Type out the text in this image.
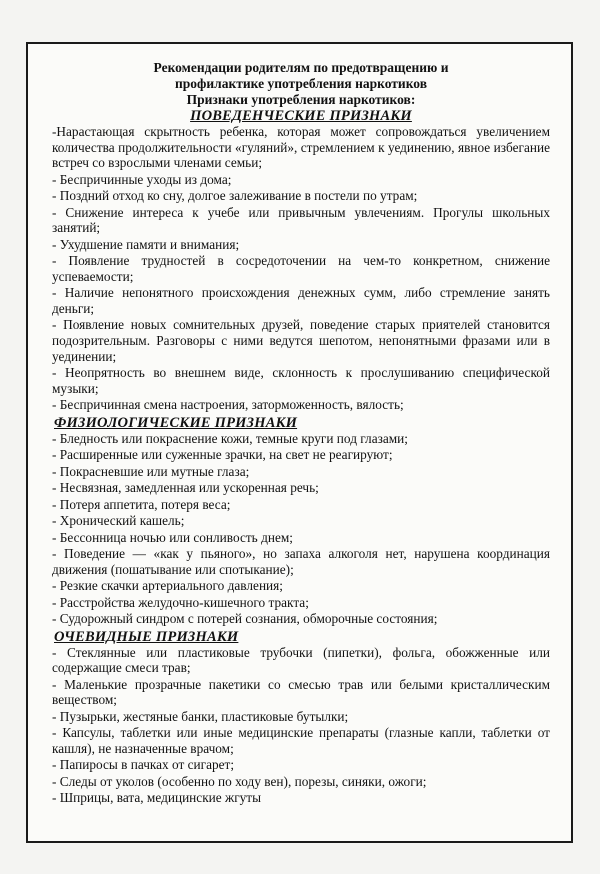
Рекомендации родителям по предотвращению и
профилактике употребления наркотиков
Признаки употребления наркотиков:
ПОВЕДЕНЧЕСКИЕ ПРИЗНАКИ
-Нарастающая скрытность ребенка, которая может сопровождаться увеличением количества продолжительности «гуляний», стремлением к уединению, явное избегание встреч со взрослыми членами семьи;
- Беспричинные уходы из дома;
- Поздний отход ко сну, долгое залеживание в постели по утрам;
- Снижение интереса к учебе или привычным увлечениям. Прогулы школьных занятий;
- Ухудшение памяти и внимания;
- Появление трудностей в сосредоточении на чем-то конкретном, снижение успеваемости;
- Наличие непонятного происхождения денежных сумм, либо стремление занять деньги;
- Появление новых сомнительных друзей, поведение старых приятелей становится подозрительным. Разговоры с ними ведутся шепотом, непонятными фразами или в уединении;
- Неопрятность во внешнем виде, склонность к прослушиванию специфической музыки;
- Беспричинная смена настроения, заторможенность, вялость;
ФИЗИОЛОГИЧЕСКИЕ ПРИЗНАКИ
- Бледность или покраснение кожи, темные круги под глазами;
- Расширенные или суженные зрачки, на свет не реагируют;
- Покрасневшие или мутные глаза;
- Несвязная, замедленная или ускоренная речь;
- Потеря аппетита, потеря веса;
- Хронический кашель;
- Бессонница ночью или сонливость днем;
- Поведение — «как у пьяного», но запаха алкоголя нет, нарушена координация движения (пошатывание или спотыкание);
- Резкие скачки артериального давления;
- Расстройства желудочно-кишечного тракта;
- Судорожный синдром с потерей сознания, обморочные состояния;
ОЧЕВИДНЫЕ ПРИЗНАКИ
- Стеклянные или пластиковые трубочки (пипетки), фольга, обожженные или содержащие смеси трав;
- Маленькие прозрачные пакетики со смесью трав или белыми кристаллическим веществом;
- Пузырьки, жестяные банки, пластиковые бутылки;
- Капсулы, таблетки или иные медицинские препараты (глазные капли, таблетки от кашля), не назначенные врачом;
- Папиросы в пачках от сигарет;
- Следы от уколов (особенно по ходу вен), порезы, синяки, ожоги;
- Шприцы, вата, медицинские жгуты
